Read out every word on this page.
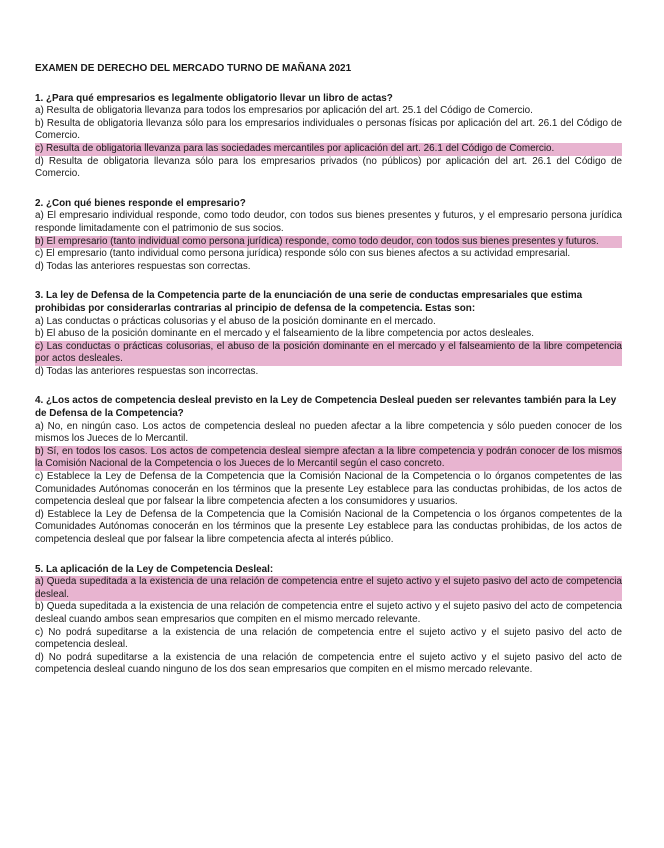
EXAMEN DE DERECHO DEL MERCADO TURNO DE MAÑANA 2021

1. ¿Para qué empresarios es legalmente obligatorio llevar un libro de actas?

a) Resulta de obligatoria llevanza para todos los empresarios por aplicación del art. 25.1 del Código de Comercio.

b) Resulta de obligatoria llevanza sólo para los empresarios individuales o personas físicas por aplicación del art. 26.1 del Código de Comercio.

c) Resulta de obligatoria llevanza para las sociedades mercantiles por aplicación del art. 26.1 del Código de Comercio.

d) Resulta de obligatoria llevanza sólo para los empresarios privados (no públicos) por aplicación del art. 26.1 del Código de Comercio.

2. ¿Con qué bienes responde el empresario?

a) El empresario individual responde, como todo deudor, con todos sus bienes presentes y futuros, y el empresario persona jurídica responde limitadamente con el patrimonio de sus socios.

b) El empresario (tanto individual como persona jurídica) responde, como todo deudor, con todos sus bienes presentes y futuros.

c) El empresario (tanto individual como persona jurídica) responde sólo con sus bienes afectos a su actividad empresarial.

d) Todas las anteriores respuestas son correctas.

3. La ley de Defensa de la Competencia parte de la enunciación de una serie de conductas empresariales que estima prohibidas por considerarlas contrarias al principio de defensa de la competencia. Estas son:

a) Las conductas o prácticas colusorias y el abuso de la posición dominante en el mercado.

b) El abuso de la posición dominante en el mercado y el falseamiento de la libre competencia por actos desleales.

c) Las conductas o prácticas colusorias, el abuso de la posición dominante en el mercado y el falseamiento de la libre competencia por actos desleales.

d) Todas las anteriores respuestas son incorrectas.

4. ¿Los actos de competencia desleal previsto en la Ley de Competencia Desleal pueden ser relevantes también para la Ley de Defensa de la Competencia?

a) No, en ningún caso. Los actos de competencia desleal no pueden afectar a la libre competencia y sólo pueden conocer de los mismos los Jueces de lo Mercantil.

b) Sí, en todos los casos. Los actos de competencia desleal siempre afectan a la libre competencia y podrán conocer de los mismos la Comisión Nacional de la Competencia o los Jueces de lo Mercantil según el caso concreto.

c) Establece la Ley de Defensa de la Competencia que la Comisión Nacional de la Competencia o lo órganos competentes de las Comunidades Autónomas conocerán en los términos que la presente Ley establece para las conductas prohibidas, de los actos de competencia desleal que por falsear la libre competencia afecten a los consumidores y usuarios.

d) Establece la Ley de Defensa de la Competencia que la Comisión Nacional de la Competencia o los órganos competentes de la Comunidades Autónomas conocerán en los términos que la presente Ley establece para las conductas prohibidas, de los actos de competencia desleal que por falsear la libre competencia afecta al interés público.

5. La aplicación de la Ley de Competencia Desleal:

a) Queda supeditada a la existencia de una relación de competencia entre el sujeto activo y el sujeto pasivo del acto de competencia desleal.

b) Queda supeditada a la existencia de una relación de competencia entre el sujeto activo y el sujeto pasivo del acto de competencia desleal cuando ambos sean empresarios que compiten en el mismo mercado relevante.

c) No podrá supeditarse a la existencia de una relación de competencia entre el sujeto activo y el sujeto pasivo del acto de competencia desleal.

d) No podrá supeditarse a la existencia de una relación de competencia entre el sujeto activo y el sujeto pasivo del acto de competencia desleal cuando ninguno de los dos sean empresarios que compiten en el mismo mercado relevante.
